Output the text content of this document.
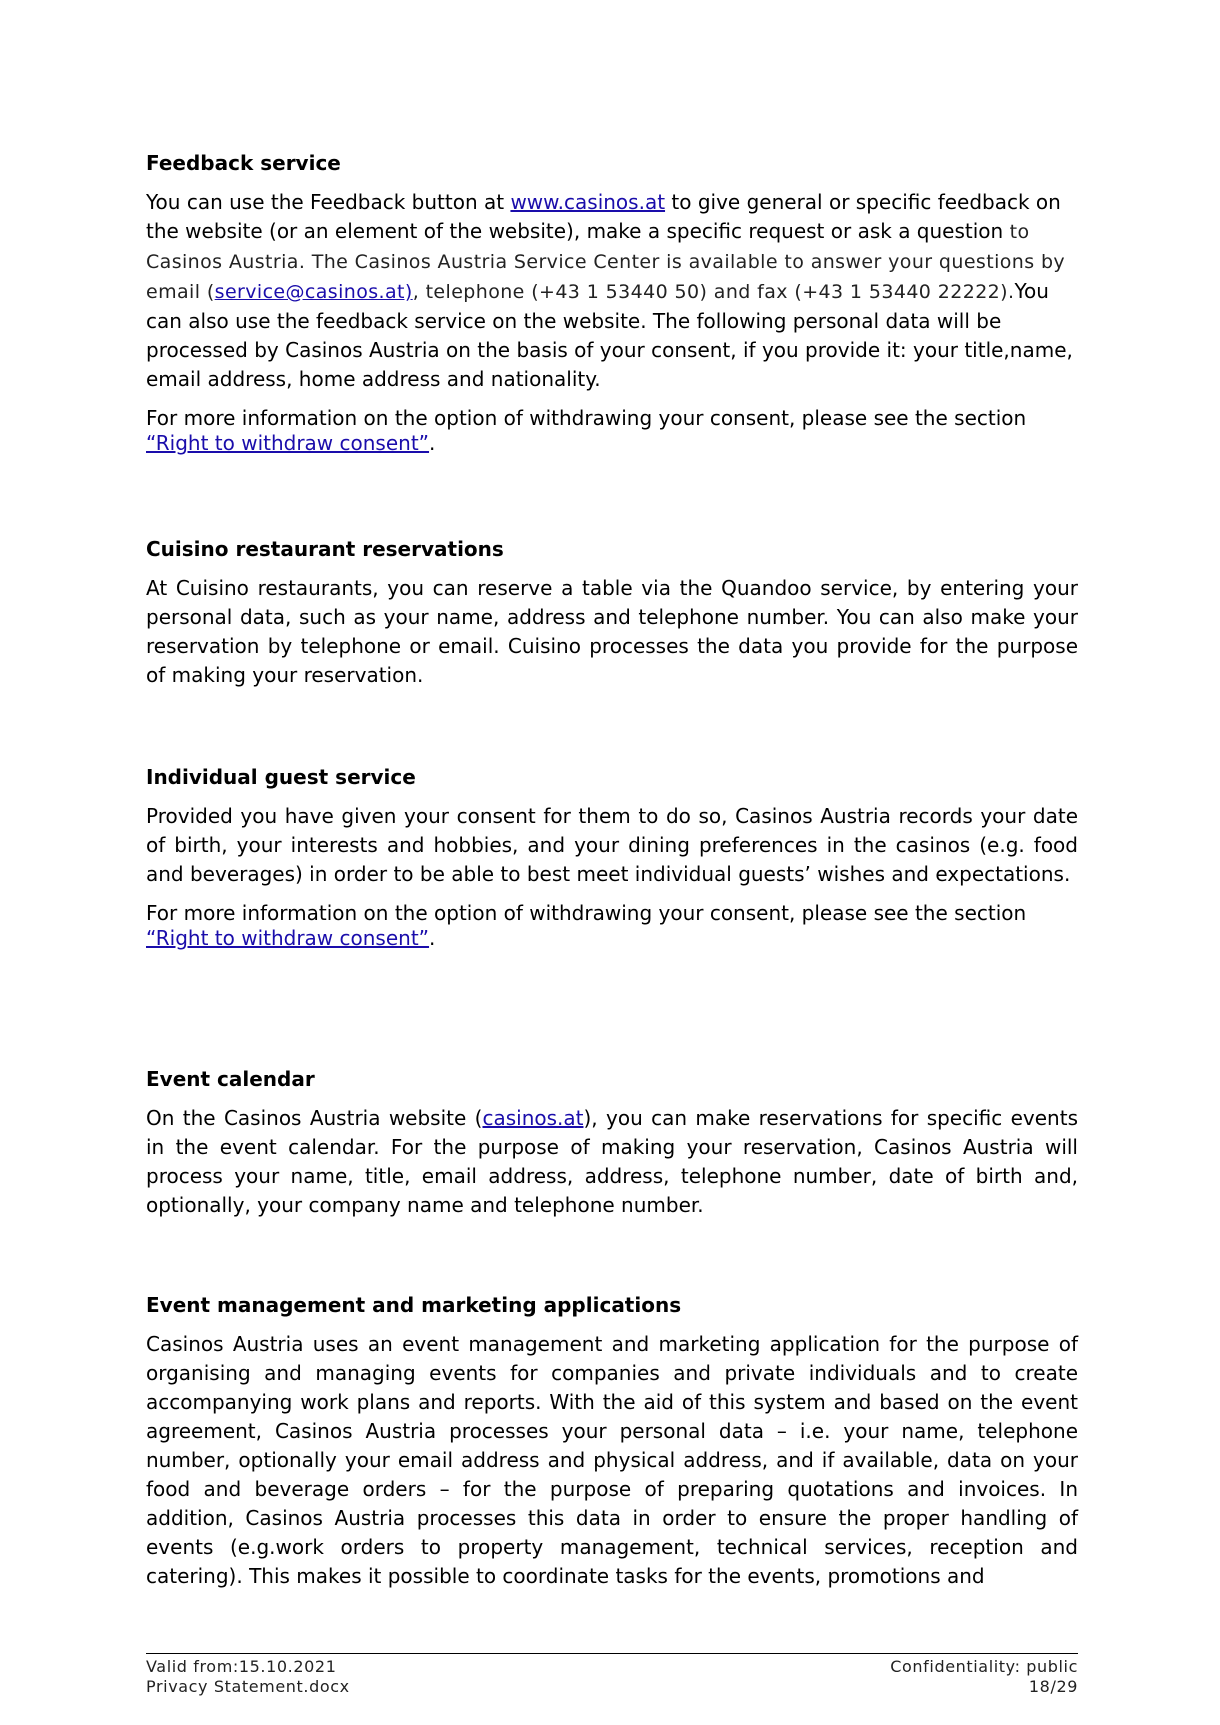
Feedback service

You can use the Feedback button at www.casinos.at to give general or specific feedback on the website (or an element of the website), make a specific request or ask a question to Casinos Austria. The Casinos Austria Service Center is available to answer your questions by email (service@casinos.at), telephone (+43 1 53440 50) and fax (+43 1 53440 22222).You can also use the feedback service on the website. The following personal data will be processed by Casinos Austria on the basis of your consent, if you provide it: your title,name, email address, home address and nationality.

For more information on the option of withdrawing your consent, please see the section “Right to withdraw consent”.

Cuisino restaurant reservations

At Cuisino restaurants, you can reserve a table via the Quandoo service, by entering your personal data, such as your name, address and telephone number. You can also make your reservation by telephone or email. Cuisino processes the data you provide for the purpose of making your reservation.

Individual guest service

Provided you have given your consent for them to do so, Casinos Austria records your date of birth, your interests and hobbies, and your dining preferences in the casinos (e.g. food and beverages) in order to be able to best meet individual guests’ wishes and expectations.

For more information on the option of withdrawing your consent, please see the section “Right to withdraw consent”.

Event calendar

On the Casinos Austria website (casinos.at), you can make reservations for specific events in the event calendar. For the purpose of making your reservation, Casinos Austria will process your name, title, email address, address, telephone number, date of birth and, optionally, your company name and telephone number.

Event management and marketing applications

Casinos Austria uses an event management and marketing application for the purpose of organising and managing events for companies and private individuals and to create accompanying work plans and reports. With the aid of this system and based on the event agreement, Casinos Austria processes your personal data – i.e. your name, telephone number, optionally your email address and physical address, and if available, data on your food and beverage orders – for the purpose of preparing quotations and invoices. In addition, Casinos Austria processes this data in order to ensure the proper handling of events (e.g.work orders to property management, technical services, reception and catering). This makes it possible to coordinate tasks for the events, promotions and

Valid from:15.10.2021	Confidentiality: public
Privacy Statement.docx	18/29
